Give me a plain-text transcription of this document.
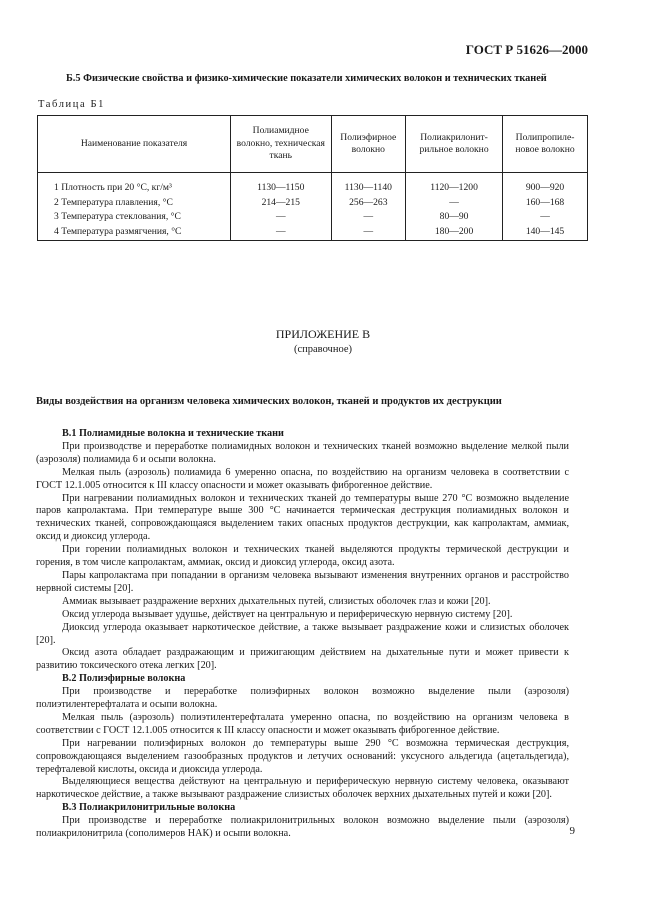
ГОСТ Р 51626—2000
Б.5 Физические свойства и физико-химические показатели химических волокон и технических тканей
Таблица Б1
Наименование показателя	Полиамидное волокно, техническая ткань	Полиэфирное волокно	Полиакрилонит-рильное волокно	Полипропиле-новое волокно
1 Плотность при 20 °С, кг/м³	1130—1150	1130—1140	1120—1200	900—920
2 Температура плавления, °С	214—215	256—263	—	160—168
3 Температура стеклования, °С	—	—	80—90	—
4 Температура размягчения, °С	—	—	180—200	140—145
ПРИЛОЖЕНИЕ В
(справочное)
Виды воздействия на организм человека химических волокон, тканей и продуктов их деструкции

В.1 Полиамидные волокна и технические ткани

При производстве и переработке полиамидных волокон и технических тканей возможно выделение мелкой пыли (аэрозоля) полиамида 6 и осыпи волокна.

Мелкая пыль (аэрозоль) полиамида 6 умеренно опасна, по воздействию на организм человека в соответствии с ГОСТ 12.1.005 относится к III классу опасности и может оказывать фиброгенное действие.

При нагревании полиамидных волокон и технических тканей до температуры выше 270 °С возможно выделение паров капролактама. При температуре выше 300 °С начинается термическая деструкция полиамидных волокон и технических тканей, сопровождающаяся выделением таких опасных продуктов деструкции, как капролактам, аммиак, оксид и диоксид углерода.

При горении полиамидных волокон и технических тканей выделяются продукты термической деструкции и горения, в том числе капролактам, аммиак, оксид и диоксид углерода, оксид азота.

Пары капролактама при попадании в организм человека вызывают изменения внутренних органов и расстройство нервной системы [20].

Аммиак вызывает раздражение верхних дыхательных путей, слизистых оболочек глаз и кожи [20].

Оксид углерода вызывает удушье, действует на центральную и периферическую нервную систему [20].

Диоксид углерода оказывает наркотическое действие, а также вызывает раздражение кожи и слизистых оболочек [20].

Оксид азота обладает раздражающим и прижигающим действием на дыхательные пути и может привести к развитию токсического отека легких [20].

В.2 Полиэфирные волокна

При производстве и переработке полиэфирных волокон возможно выделение пыли (аэрозоля) полиэтилентерефталата и осыпи волокна.

Мелкая пыль (аэрозоль) полиэтилентерефталата умеренно опасна, по воздействию на организм человека в соответствии с ГОСТ 12.1.005 относится к III классу опасности и может оказывать фиброгенное действие.

При нагревании полиэфирных волокон до температуры выше 290 °С возможна термическая деструкция, сопровождающаяся выделением газообразных продуктов и летучих оснований: уксусного альдегида (ацетальдегида), терефталевой кислоты, оксида и диоксида углерода.

Выделяющиеся вещества действуют на центральную и периферическую нервную систему человека, оказывают наркотическое действие, а также вызывают раздражение слизистых оболочек верхних дыхательных путей и кожи [20].

В.3 Полиакрилонитрильные волокна

При производстве и переработке полиакрилонитрильных волокон возможно выделение пыли (аэрозоля) полиакрилонитрила (сополимеров НАК) и осыпи волокна.	9
